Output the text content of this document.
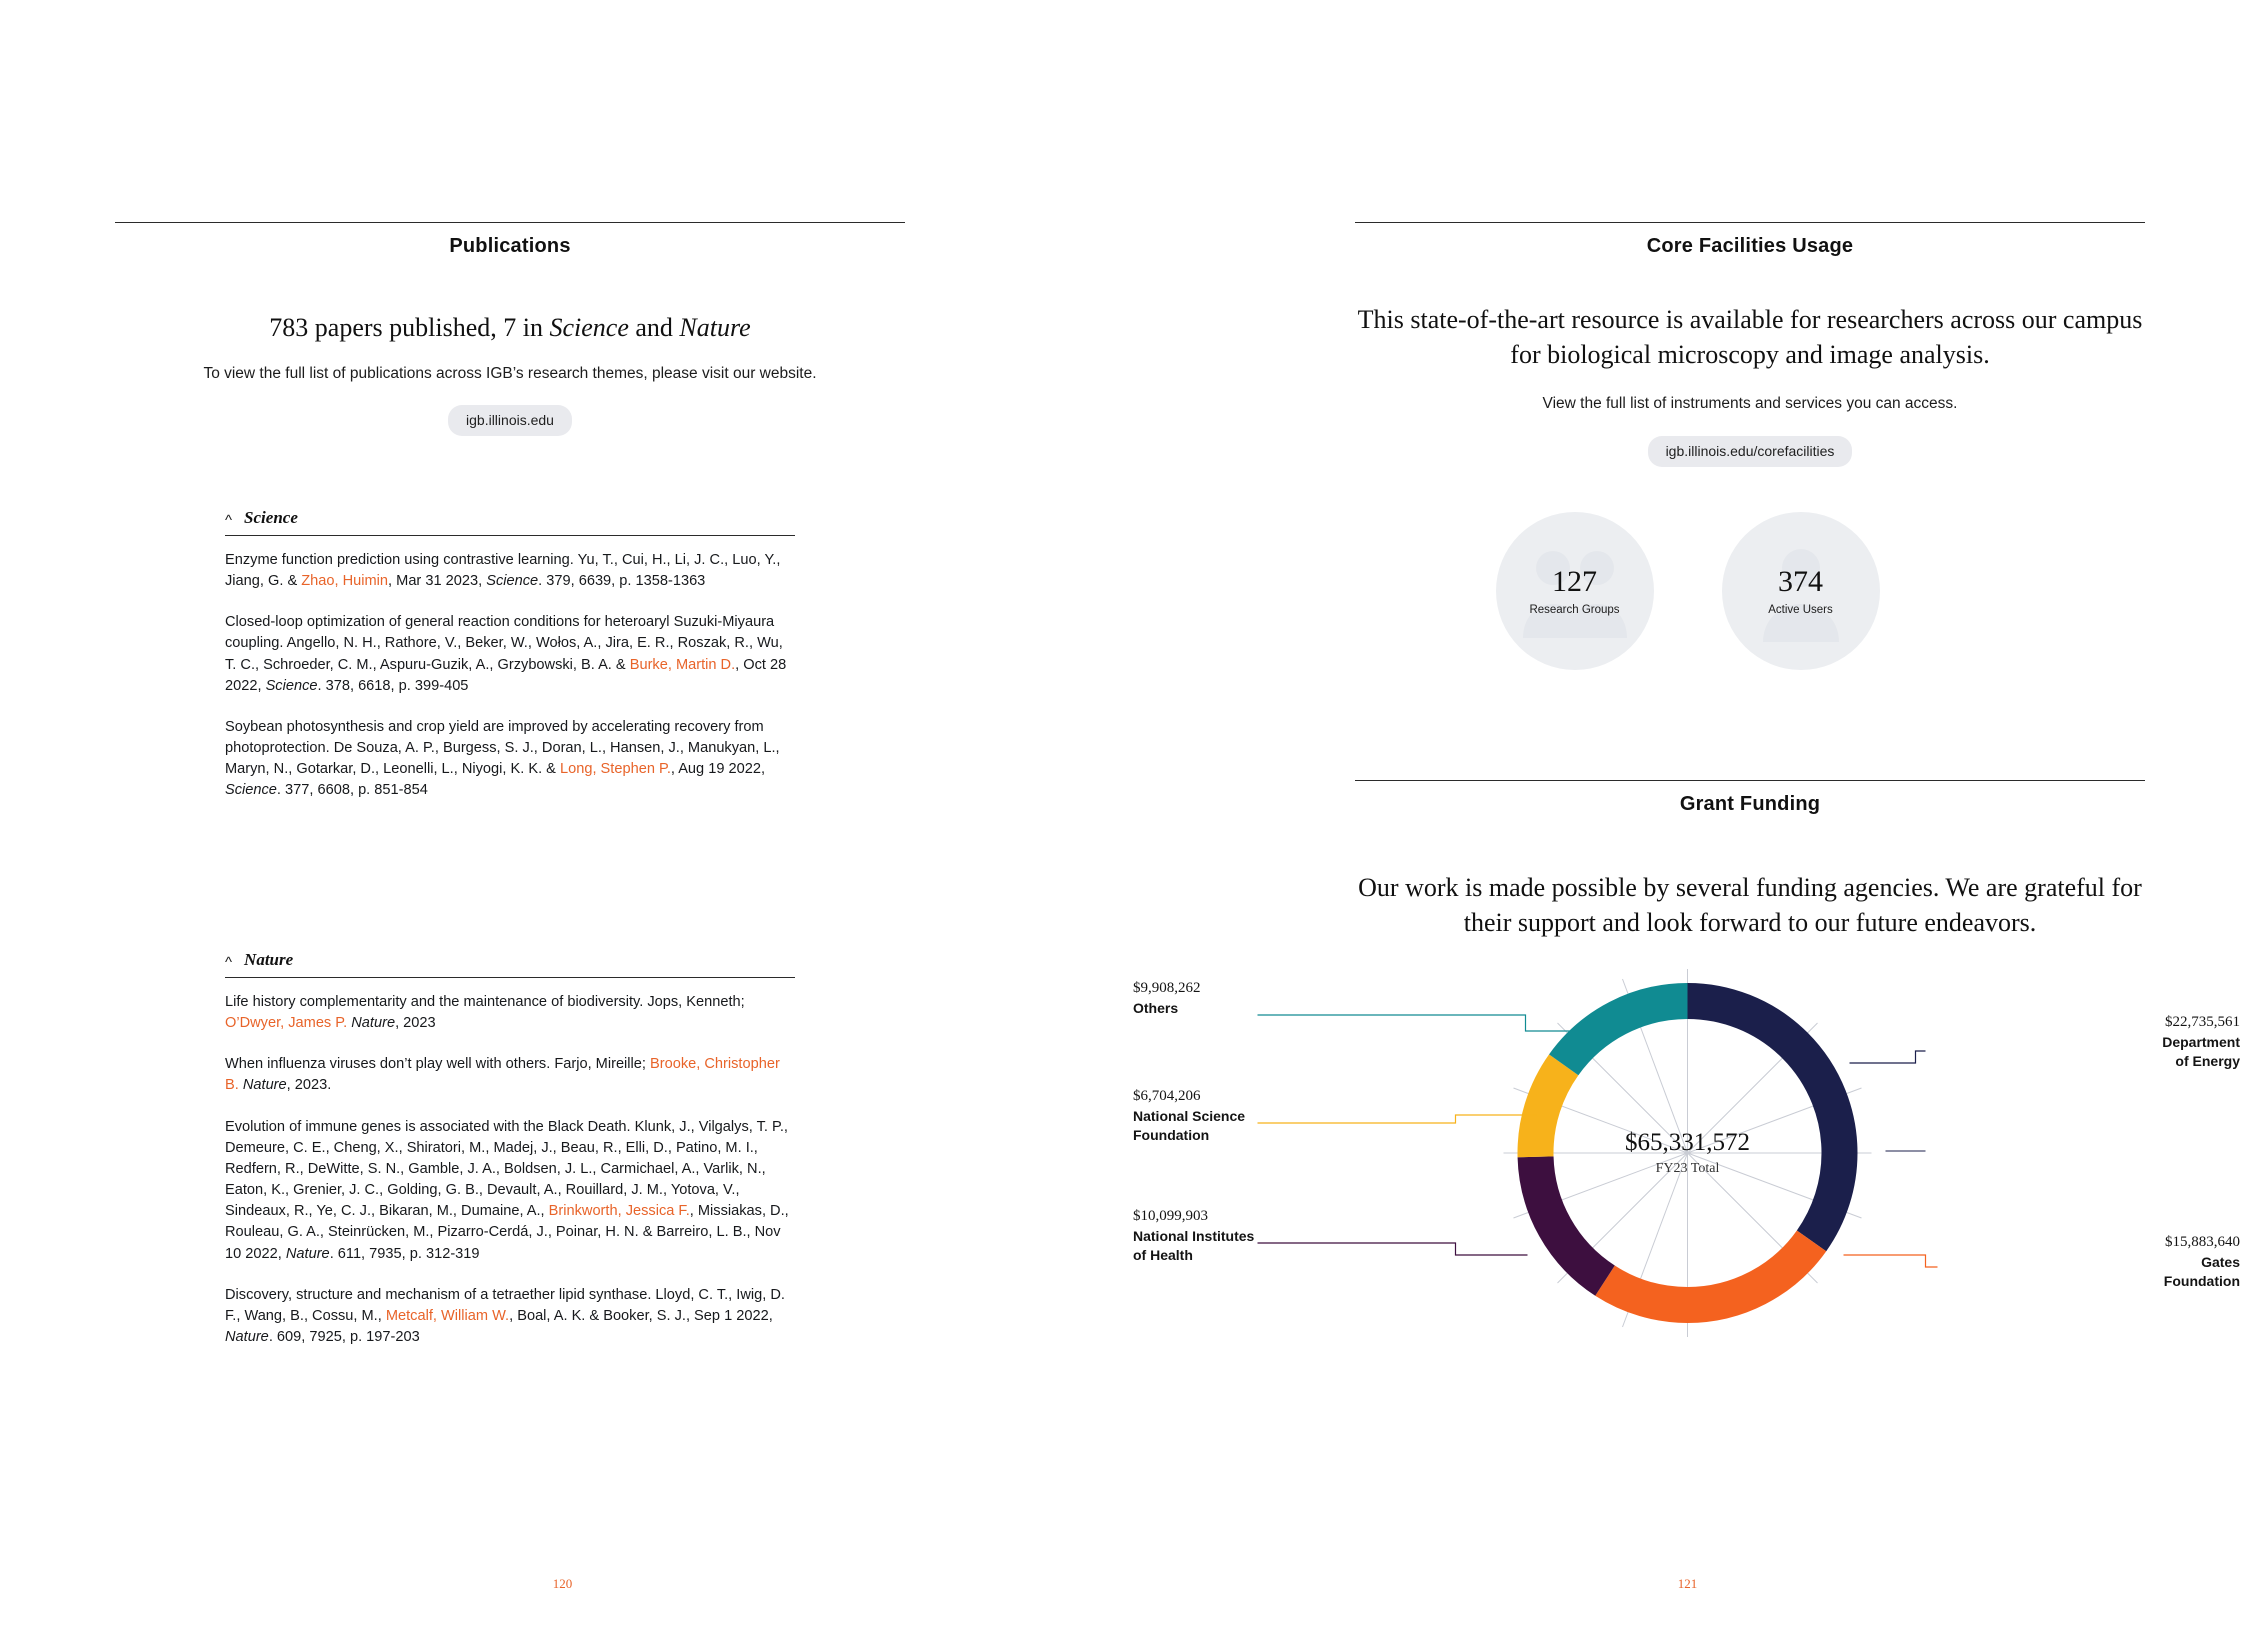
Publications
783 papers published, 7 in Science and Nature
To view the full list of publications across IGB’s research themes, please visit our website.
igb.illinois.edu
^ Science
Enzyme function prediction using contrastive learning. Yu, T., Cui, H., Li, J. C., Luo, Y., Jiang, G. & Zhao, Huimin, Mar 31 2023, Science. 379, 6639, p. 1358-1363
Closed-loop optimization of general reaction conditions for heteroaryl Suzuki-Miyaura coupling. Angello, N. H., Rathore, V., Beker, W., Wołos, A., Jira, E. R., Roszak, R., Wu, T. C., Schroeder, C. M., Aspuru-Guzik, A., Grzybowski, B. A. & Burke, Martin D., Oct 28 2022, Science. 378, 6618, p. 399-405
Soybean photosynthesis and crop yield are improved by accelerating recovery from photoprotection. De Souza, A. P., Burgess, S. J., Doran, L., Hansen, J., Manukyan, L., Maryn, N., Gotarkar, D., Leonelli, L., Niyogi, K. K. & Long, Stephen P., Aug 19 2022, Science. 377, 6608, p. 851-854
^ Nature
Life history complementarity and the maintenance of biodiversity. Jops, Kenneth; O’Dwyer, James P. Nature, 2023
When influenza viruses don’t play well with others. Farjo, Mireille; Brooke, Christopher B. Nature, 2023.
Evolution of immune genes is associated with the Black Death. Klunk, J., Vilgalys, T. P., Demeure, C. E., Cheng, X., Shiratori, M., Madej, J., Beau, R., Elli, D., Patino, M. I., Redfern, R., DeWitte, S. N., Gamble, J. A., Boldsen, J. L., Carmichael, A., Varlik, N., Eaton, K., Grenier, J. C., Golding, G. B., Devault, A., Rouillard, J. M., Yotova, V., Sindeaux, R., Ye, C. J., Bikaran, M., Dumaine, A., Brinkworth, Jessica F., Missiakas, D., Rouleau, G. A., Steinrücken, M., Pizarro-Cerdá, J., Poinar, H. N. & Barreiro, L. B., Nov 10 2022, Nature. 611, 7935, p. 312-319
Discovery, structure and mechanism of a tetraether lipid synthase. Lloyd, C. T., Iwig, D. F., Wang, B., Cossu, M., Metcalf, William W., Boal, A. K. & Booker, S. J., Sep 1 2022, Nature. 609, 7925, p. 197-203
120
Core Facilities Usage
This state-of-the-art resource is available for researchers across our campus for biological microscopy and image analysis.
View the full list of instruments and services you can access.
igb.illinois.edu/corefacilities
127
Research Groups
374
Active Users
Grant Funding
Our work is made possible by several funding agencies. We are grateful for their support and look forward to our future endeavors.
$65,331,572
FY23 Total
$9,908,262
Others
$6,704,206
National Science
Foundation
$10,099,903
National Institutes
of Health
$22,735,561
Department
of Energy
$15,883,640
Gates
Foundation
121
